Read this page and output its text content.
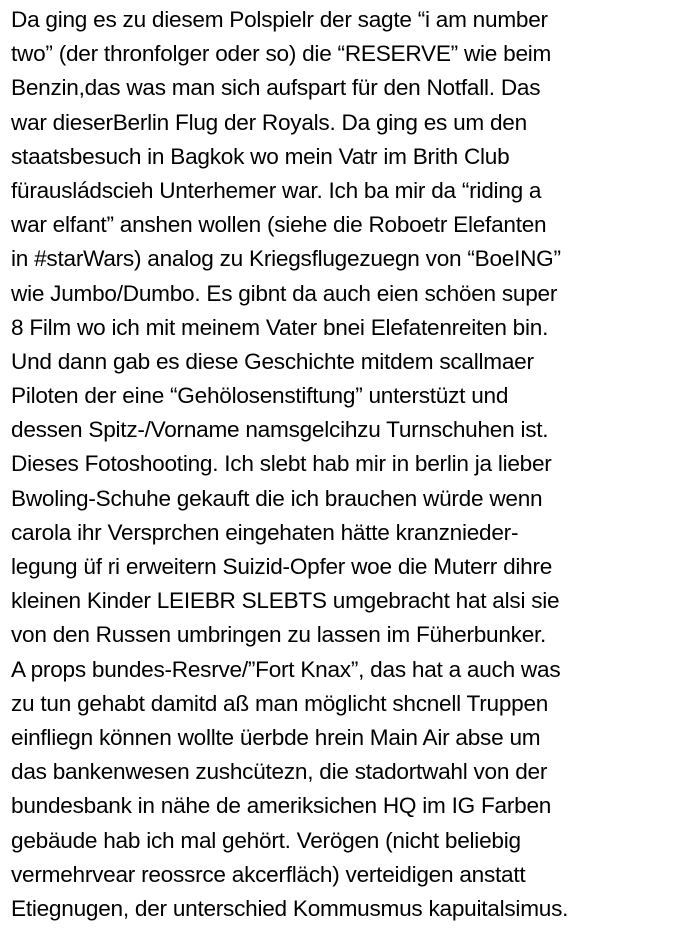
Da ging es zu diesem Polspielr der sagte “i am number
two” (der thronfolger oder so) die “RESERVE” wie beim
Benzin,das was man sich aufspart für den Notfall. Das
war dieserBerlin Flug der Royals. Da ging es um den
staatsbesuch in Bagkok wo mein Vatr im Brith Club
fürausládscieh Unterhemer war. Ich ba mir da “riding a
war elfant” anshen wollen (siehe die Roboetr Elefanten
in #starWars) analog zu Kriegsflugezuegn von “BoeING”
wie Jumbo/Dumbo. Es gibnt da auch eien schöen super
8 Film wo ich mit meinem Vater bnei Elefatenreiten bin.
Und dann gab es diese Geschichte mitdem scallmaer
Piloten der eine “Gehölosenstiftung” unterstüzt und
dessen Spitz-/Vorname namsgelcihzu Turnschuhen ist.
Dieses Fotoshooting. Ich slebt hab mir in berlin ja lieber
Bwoling-Schuhe gekauft die ich brauchen würde wenn
carola ihr Versprchen eingehaten hätte kranznieder-
legung üf ri erweitern Suizid-Opfer woe die Muterr dihre
kleinen Kinder LEIEBR SLEBTS umgebracht hat alsi sie
von den Russen umbringen zu lassen im Füherbunker.
A props bundes-Resrve/”Fort Knax”, das hat a auch was
zu tun gehabt damitd aß man möglicht shcnell Truppen
einfliegn können wollte üerbde hrein Main Air abse um
das bankenwesen zushcütezn, die stadortwahl von der
bundesbank in nähe de ameriksichen HQ im IG Farben
gebäude hab ich mal gehört. Verögen (nicht beliebig
vermehrvear reossrce akcerfläch) verteidigen anstatt
Etiegnugen, der unterschied Kommusmus kapuitalsimus.
